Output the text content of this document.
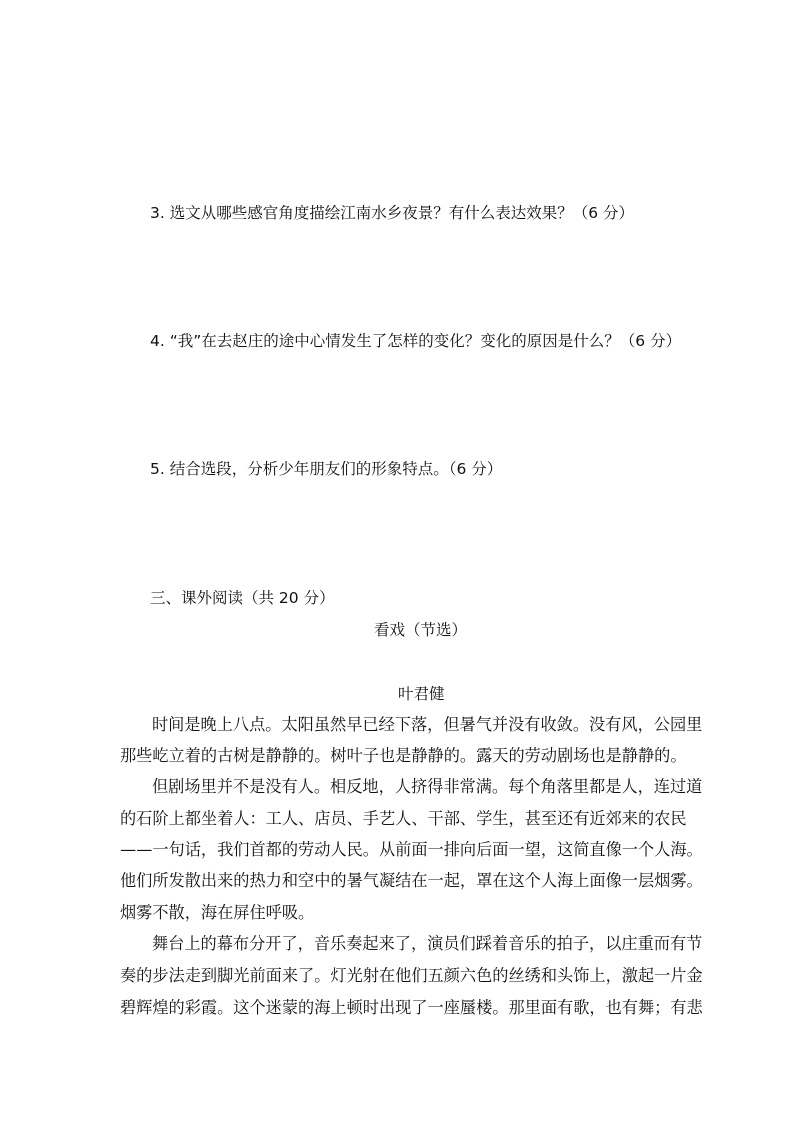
3. 选文从哪些感官角度描绘江南水乡夜景？有什么表达效果？（6 分）
4. “我”在去赵庄的途中心情发生了怎样的变化？变化的原因是什么？（6 分）
5. 结合选段，分析少年朋友们的形象特点。（6 分）
三、课外阅读（共 20 分）
看戏（节选）
叶君健
时间是晚上八点。太阳虽然早已经下落，但暑气并没有收敛。没有风，公园里
那些屹立着的古树是静静的。树叶子也是静静的。露天的劳动剧场也是静静的。
但剧场里并不是没有人。相反地，人挤得非常满。每个角落里都是人，连过道
的石阶上都坐着人：工人、店员、手艺人、干部、学生，甚至还有近郊来的农民
——一句话，我们首都的劳动人民。从前面一排向后面一望，这简直像一个人海。
他们所发散出来的热力和空中的暑气凝结在一起，罩在这个人海上面像一层烟雾。
烟雾不散，海在屏住呼吸。
舞台上的幕布分开了，音乐奏起来了，演员们踩着音乐的拍子，以庄重而有节
奏的步法走到脚光前面来了。灯光射在他们五颜六色的丝绣和头饰上，激起一片金
碧辉煌的彩霞。这个迷蒙的海上顿时出现了一座蜃楼。那里面有歌，也有舞；有悲
